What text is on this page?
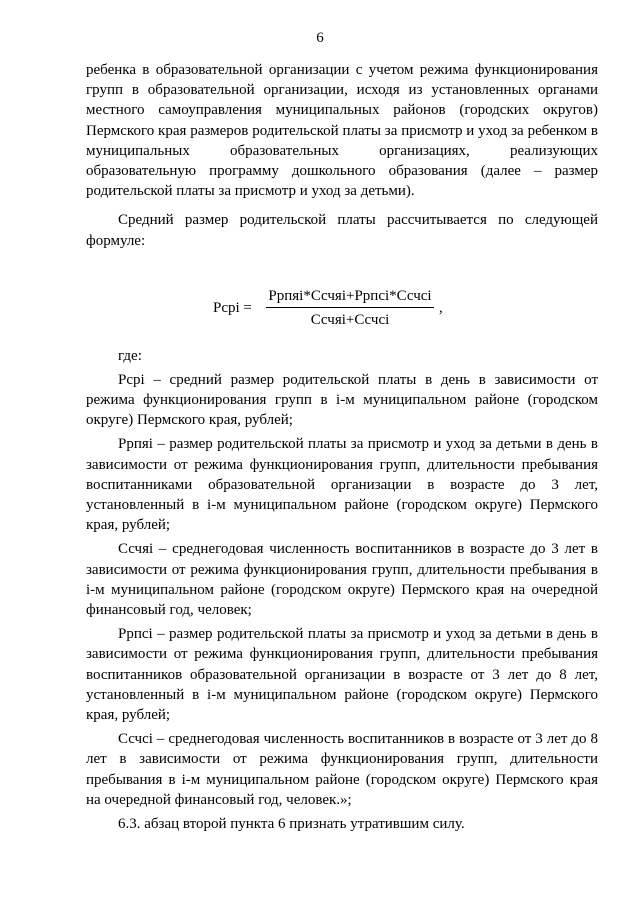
6

ребенка в образовательной организации с учетом режима функционирования групп в образовательной организации, исходя из установленных органами местного самоуправления муниципальных районов (городских округов) Пермского края размеров родительской платы за присмотр и уход за ребенком в муниципальных образовательных организациях, реализующих образовательную программу дошкольного образования (далее – размер родительской платы за присмотр и уход за детьми).

Средний размер родительской платы рассчитывается по следующей формуле:

Pcpi =
Ррпяі*Ссчяі+Ррпсі*Ссчсі
Ссчяі+Ссчсі
,

где:

Рсрі – средний размер родительской платы в день в зависимости от режима функционирования групп в і-м муниципальном районе (городском округе) Пермского края, рублей;

Ррпяі – размер родительской платы за присмотр и уход за детьми в день в зависимости от режима функционирования групп, длительности пребывания воспитанниками образовательной организации в возрасте до 3 лет, установленный в і-м муниципальном районе (городском округе) Пермского края, рублей;

Ссчяі – среднегодовая численность воспитанников в возрасте до 3 лет в зависимости от режима функционирования групп, длительности пребывания в і-м муниципальном районе (городском округе) Пермского края на очередной финансовый год, человек;

Ррпсі – размер родительской платы за присмотр и уход за детьми в день в зависимости от режима функционирования групп, длительности пребывания воспитанников образовательной организации в возрасте от 3 лет до 8 лет, установленный в і-м муниципальном районе (городском округе) Пермского края, рублей;

Ссчсі – среднегодовая численность воспитанников в возрасте от 3 лет до 8 лет в зависимости от режима функционирования групп, длительности пребывания в і-м муниципальном районе (городском округе) Пермского края на очередной финансовый год, человек.»;

6.3. абзац второй пункта 6 признать утратившим силу.
